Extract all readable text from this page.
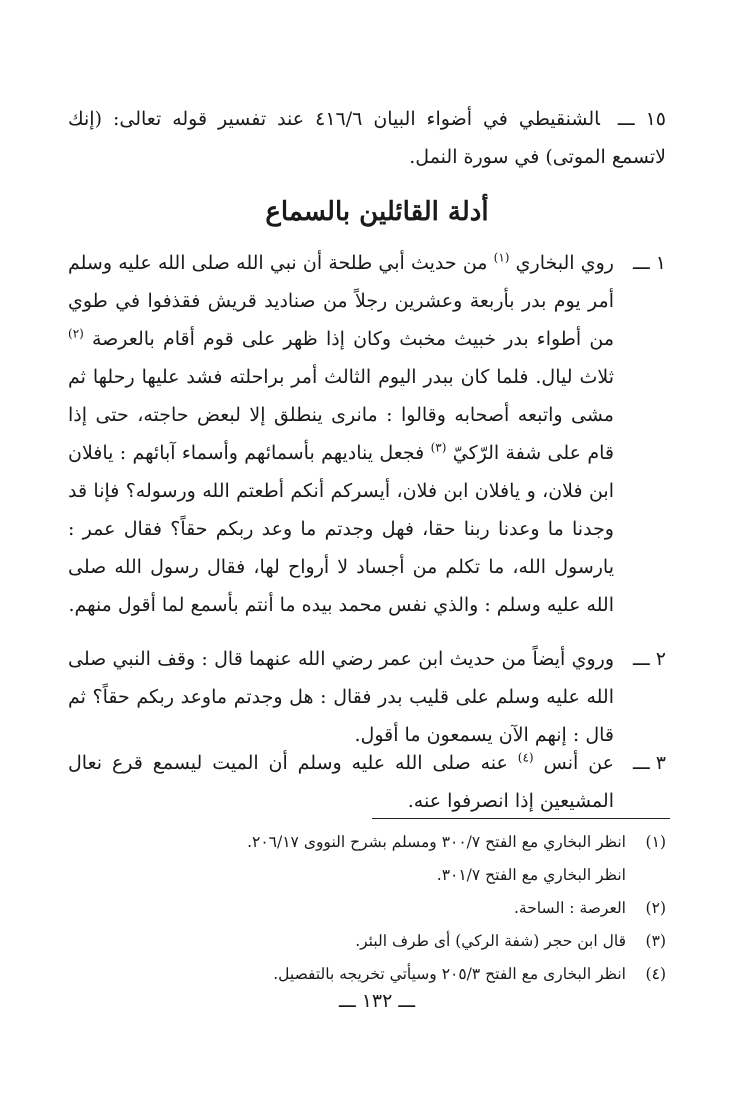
١٥ ـــالشنقيطي في أضواء البيان ٤١٦/٦ عند تفسير قوله تعالى: (إنك لاتسمع الموتى) في سورة النمل.
أدلة القائلين بالسماع
١ ـــ
روي البخاري $^{(١)}$ من حديث أبي طلحة أن نبي الله صلى الله عليه وسلم أمر يوم بدر بأربعة وعشرين رجلاً من صناديد قريش فقذفوا في طوي من أطواء بدر خبيث مخبث وكان إذا ظهر على قوم أقام بالعرصة $^{(٢)}$ ثلاث ليال. فلما كان ببدر اليوم الثالث أمر براحلته فشد عليها رحلها ثم مشى واتبعه أصحابه وقالوا : مانرى ينطلق إلا لبعض حاجته، حتى إذا قام على شفة الرّكيّ $^{(٣)}$ فجعل يناديهم بأسمائهم وأسماء آبائهم : يافلان ابن فلان، و يافلان ابن فلان، أيسركم أنكم أطعتم الله ورسوله؟ فإنا قد وجدنا ما وعدنا ربنا حقا، فهل وجدتم ما وعد ربكم حقاً؟ فقال عمر : يارسول الله، ما تكلم من أجساد لا أرواح لها، فقال رسول الله صلى الله عليه وسلم : والذي نفس محمد بيده ما أنتم بأسمع لما أقول منهم.
٢ ـــ
وروي أيضاً من حديث ابن عمر رضي الله عنهما قال : وقف النبي صلى الله عليه وسلم على قليب بدر فقال : هل وجدتم ماوعد ربكم حقاً؟ ثم قال : إنهم الآن يسمعون ما أقول.
٣ ـــ
عن أنس $^{(٤)}$ عنه صلى الله عليه وسلم أن الميت ليسمع قرع نعال المشيعين إذا انصرفوا عنه.
(١)
انظر البخاري مع الفتح ٣٠٠/٧ ومسلم بشرح النووى ٢٠٦/١٧.
انظر البخاري مع الفتح ٣٠١/٧.
(٢)
العرصة : الساحة.
(٣)
قال ابن حجر (شفة الركي) أى طرف البئر.
(٤)
انظر البخارى مع الفتح ٢٠٥/٣ وسيأتي تخريجه بالتفصيل.
ـــ ١٣٢ ـــ
